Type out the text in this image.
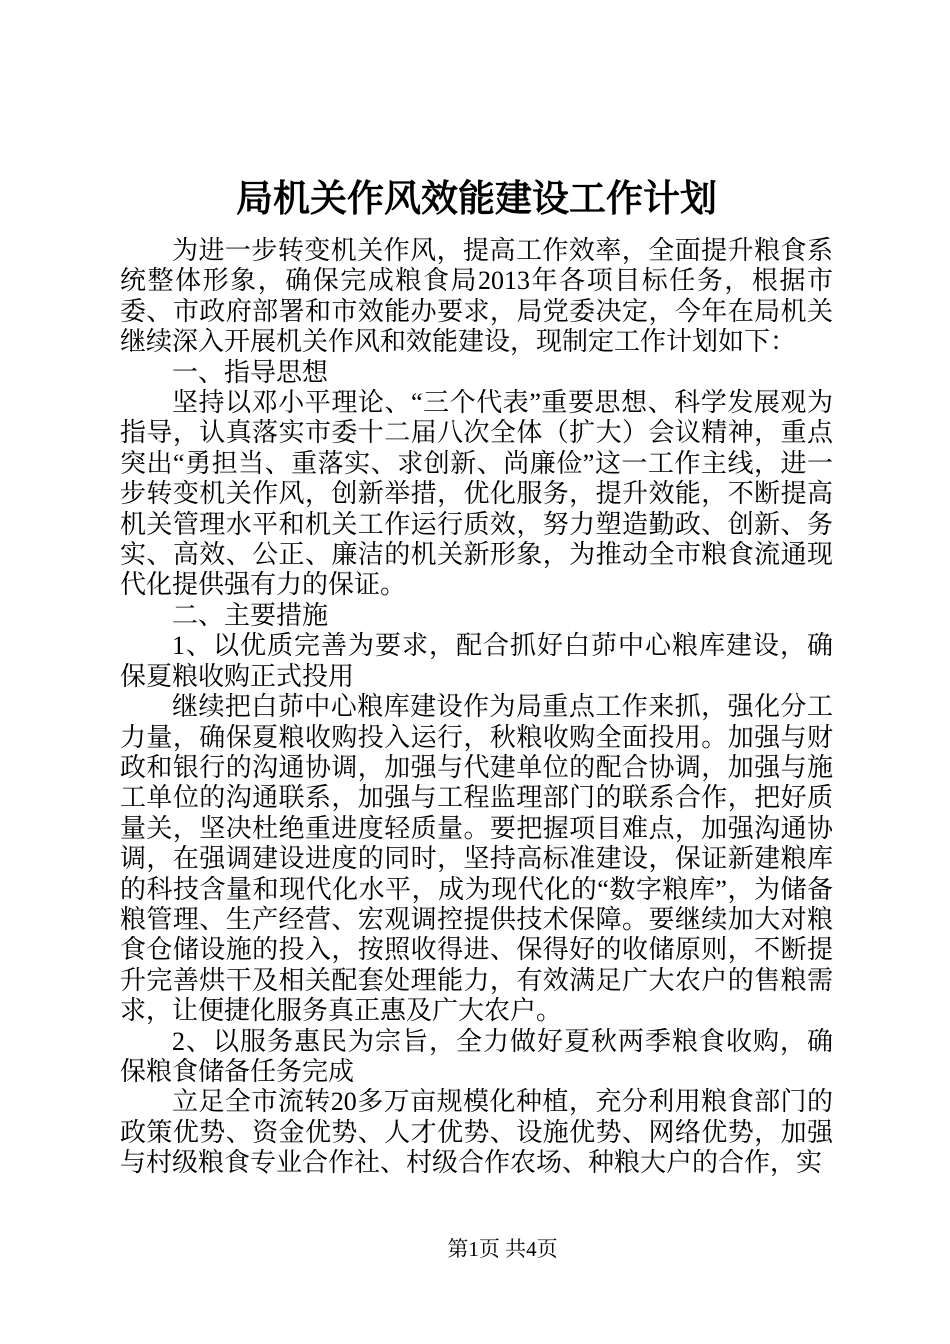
局机关作风效能建设工作计划

为进一步转变机关作风，提高工作效率，全面提升粮食系统整体形象，确保完成粮食局2013年各项目标任务，根据市委、市政府部署和市效能办要求，局党委决定，今年在局机关继续深入开展机关作风和效能建设，现制定工作计划如下：

一、指导思想

坚持以邓小平理论、“三个代表”重要思想、科学发展观为指导，认真落实市委十二届八次全体（扩大）会议精神，重点突出“勇担当、重落实、求创新、尚廉俭”这一工作主线，进一步转变机关作风，创新举措，优化服务，提升效能，不断提高机关管理水平和机关工作运行质效，努力塑造勤政、创新、务实、高效、公正、廉洁的机关新形象，为推动全市粮食流通现代化提供强有力的保证。

二、主要措施

1、以优质完善为要求，配合抓好白茆中心粮库建设，确保夏粮收购正式投用

继续把白茆中心粮库建设作为局重点工作来抓，强化分工力量，确保夏粮收购投入运行，秋粮收购全面投用。加强与财政和银行的沟通协调，加强与代建单位的配合协调，加强与施工单位的沟通联系，加强与工程监理部门的联系合作，把好质量关，坚决杜绝重进度轻质量。要把握项目难点，加强沟通协调，在强调建设进度的同时，坚持高标准建设，保证新建粮库的科技含量和现代化水平，成为现代化的“数字粮库”，为储备粮管理、生产经营、宏观调控提供技术保障。要继续加大对粮食仓储设施的投入，按照收得进、保得好的收储原则，不断提升完善烘干及相关配套处理能力，有效满足广大农户的售粮需求，让便捷化服务真正惠及广大农户。

2、以服务惠民为宗旨，全力做好夏秋两季粮食收购，确保粮食储备任务完成

立足全市流转20多万亩规模化种植，充分利用粮食部门的政策优势、资金优势、人才优势、设施优势、网络优势，加强与村级粮食专业合作社、村级合作农场、种粮大户的合作，实

第1页 共4页
